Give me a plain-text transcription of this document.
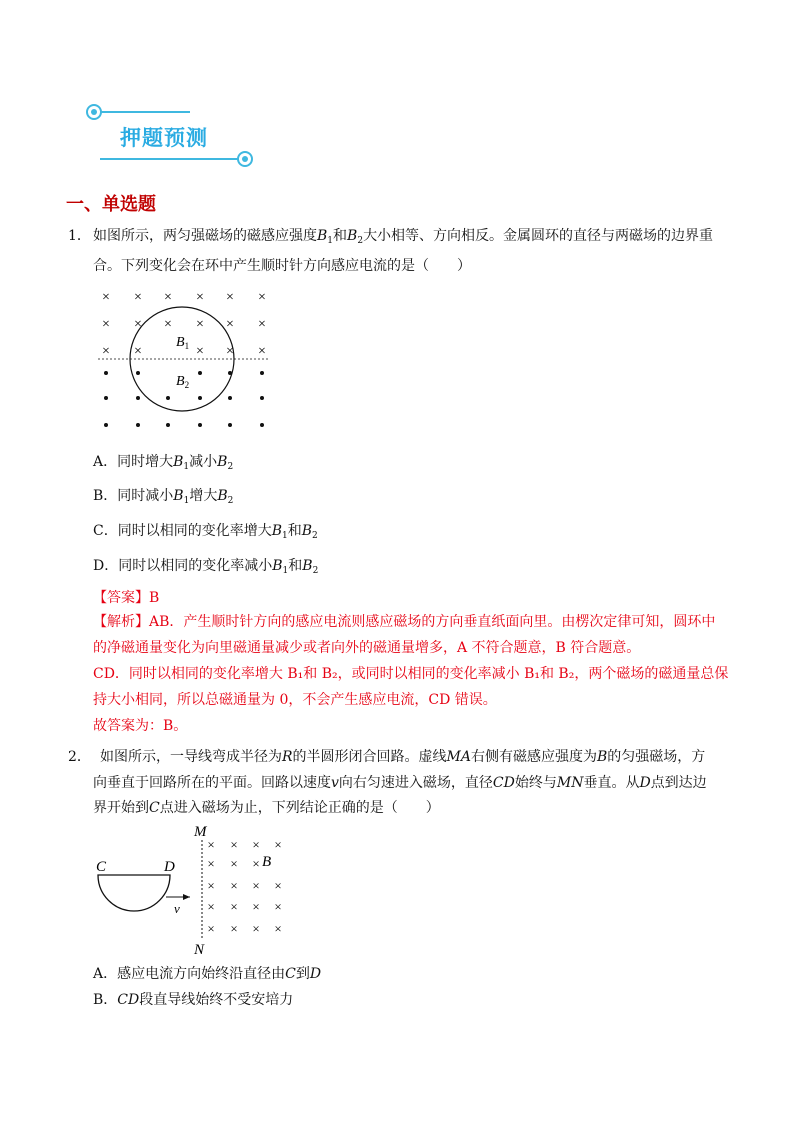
押题预测
一、单选题
1． 如图所示，两匀强磁场的磁感应强度$B_1$和$B_2$大小相等、方向相反。金属圆环的直径与两磁场的边界重
合。下列变化会在环中产生顺时针方向感应电流的是（　　）
× × × × × ×
× × × × × ×
× ×	× × ×
$B_1$
$B_2$
A．同时增大$B_1$减小$B_2$
B．同时减小$B_1$增大$B_2$
C．同时以相同的变化率增大$B_1$和$B_2$
D．同时以相同的变化率减小$B_1$和$B_2$
【答案】B
【解析】AB．产生顺时针方向的感应电流则感应磁场的方向垂直纸面向里。由楞次定律可知，圆环中
的净磁通量变化为向里磁通量减少或者向外的磁通量增多，A 不符合题意，B 符合题意。
CD．同时以相同的变化率增大 B₁和 B₂，或同时以相同的变化率减小 B₁和 B₂，两个磁场的磁通量总保
持大小相同，所以总磁通量为 0，不会产生感应电流，CD 错误。
故答案为：B。
2． 如图所示，一导线弯成半径为R的半圆形闭合回路。虚线MA右侧有磁感应强度为B的匀强磁场，方
向垂直于回路所在的平面。回路以速度v向右匀速进入磁场，直径CD始终与MN垂直。从D点到达边
界开始到C点进入磁场为止，下列结论正确的是（　　）
M
N
× × × ×
× × ×
× × × ×
× × × ×
× × × ×
B
C	D
v
A．感应电流方向始终沿直径由C到D
B．CD段直导线始终不受安培力
